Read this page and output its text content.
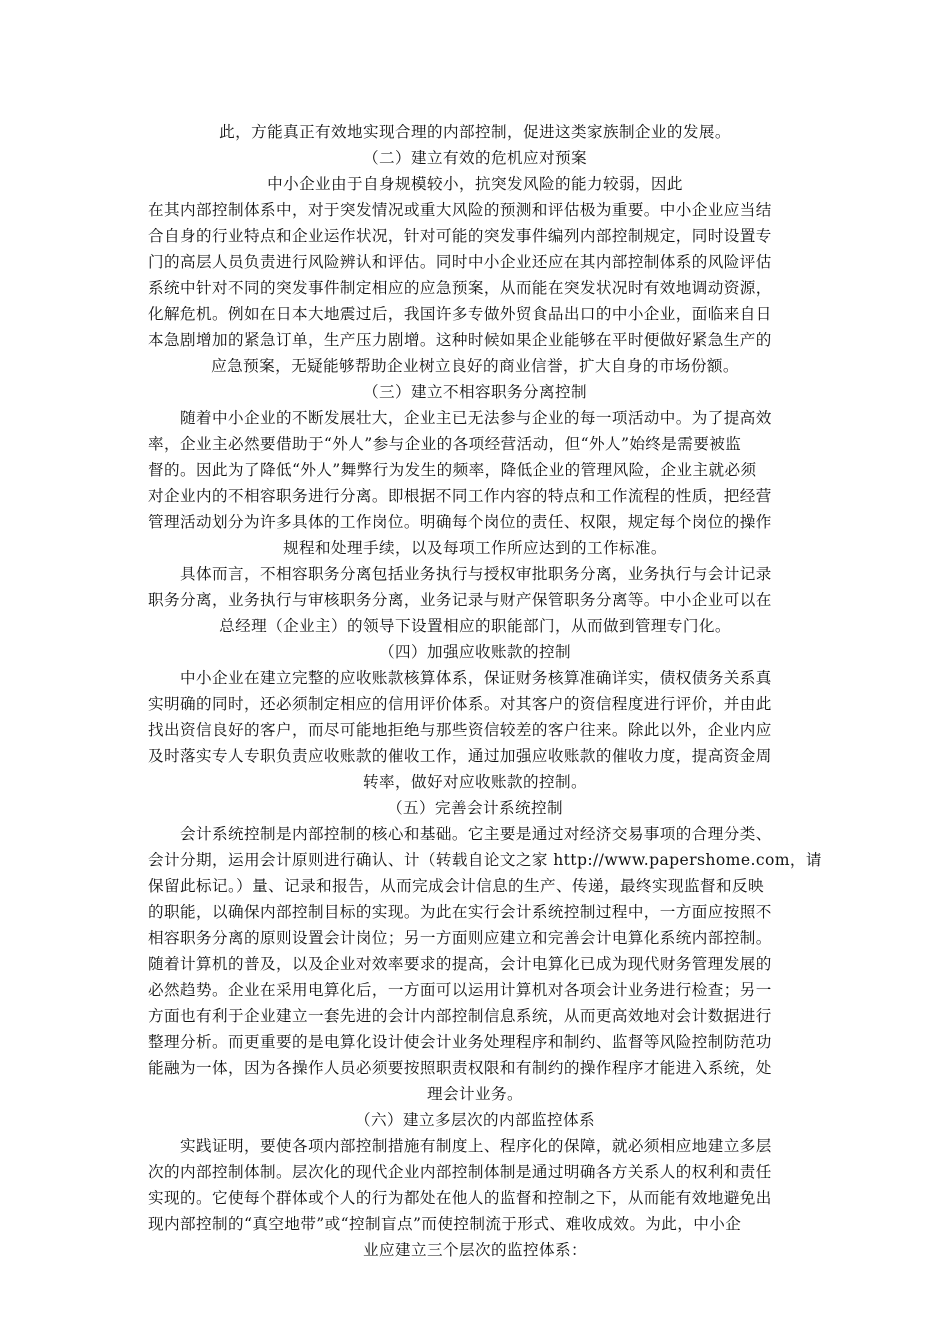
此，方能真正有效地实现合理的内部控制，促进这类家族制企业的发展。
（二）建立有效的危机应对预案
中小企业由于自身规模较小，抗突发风险的能力较弱，因此
在其内部控制体系中，对于突发情况或重大风险的预测和评估极为重要。中小企业应当结
合自身的行业特点和企业运作状况，针对可能的突发事件编列内部控制规定，同时设置专
门的高层人员负责进行风险辨认和评估。同时中小企业还应在其内部控制体系的风险评估
系统中针对不同的突发事件制定相应的应急预案，从而能在突发状况时有效地调动资源，
化解危机。例如在日本大地震过后，我国许多专做外贸食品出口的中小企业，面临来自日
本急剧增加的紧急订单，生产压力剧增。这种时候如果企业能够在平时便做好紧急生产的
应急预案，无疑能够帮助企业树立良好的商业信誉，扩大自身的市场份额。
（三）建立不相容职务分离控制
　　随着中小企业的不断发展壮大，企业主已无法参与企业的每一项活动中。为了提高效
率，企业主必然要借助于“外人”参与企业的各项经营活动，但“外人”始终是需要被监
督的。因此为了降低“外人”舞弊行为发生的频率，降低企业的管理风险，企业主就必须
对企业内的不相容职务进行分离。即根据不同工作内容的特点和工作流程的性质，把经营
管理活动划分为许多具体的工作岗位。明确每个岗位的责任、权限，规定每个岗位的操作
规程和处理手续，以及每项工作所应达到的工作标准。
　　具体而言，不相容职务分离包括业务执行与授权审批职务分离，业务执行与会计记录
职务分离，业务执行与审核职务分离，业务记录与财产保管职务分离等。中小企业可以在
总经理（企业主）的领导下设置相应的职能部门，从而做到管理专门化。
（四）加强应收账款的控制
　　中小企业在建立完整的应收账款核算体系，保证财务核算准确详实，债权债务关系真
实明确的同时，还必须制定相应的信用评价体系。对其客户的资信程度进行评价，并由此
找出资信良好的客户，而尽可能地拒绝与那些资信较差的客户往来。除此以外，企业内应
及时落实专人专职负责应收账款的催收工作，通过加强应收账款的催收力度，提高资金周
转率，做好对应收账款的控制。
（五）完善会计系统控制
　　会计系统控制是内部控制的核心和基础。它主要是通过对经济交易事项的合理分类、
会计分期，运用会计原则进行确认、计（转载自论文之家 http://www.papershome.com，请
保留此标记。）量、记录和报告，从而完成会计信息的生产、传递，最终实现监督和反映
的职能，以确保内部控制目标的实现。为此在实行会计系统控制过程中，一方面应按照不
相容职务分离的原则设置会计岗位；另一方面则应建立和完善会计电算化系统内部控制。
随着计算机的普及，以及企业对效率要求的提高，会计电算化已成为现代财务管理发展的
必然趋势。企业在采用电算化后，一方面可以运用计算机对各项会计业务进行检查；另一
方面也有利于企业建立一套先进的会计内部控制信息系统，从而更高效地对会计数据进行
整理分析。而更重要的是电算化设计使会计业务处理程序和制约、监督等风险控制防范功
能融为一体，因为各操作人员必须要按照职责权限和有制约的操作程序才能进入系统，处
理会计业务。
（六）建立多层次的内部监控体系
　　实践证明，要使各项内部控制措施有制度上、程序化的保障，就必须相应地建立多层
次的内部控制体制。层次化的现代企业内部控制体制是通过明确各方关系人的权利和责任
实现的。它使每个群体或个人的行为都处在他人的监督和控制之下，从而能有效地避免出
现内部控制的“真空地带”或“控制盲点”而使控制流于形式、难收成效。为此，中小企
业应建立三个层次的监控体系：
